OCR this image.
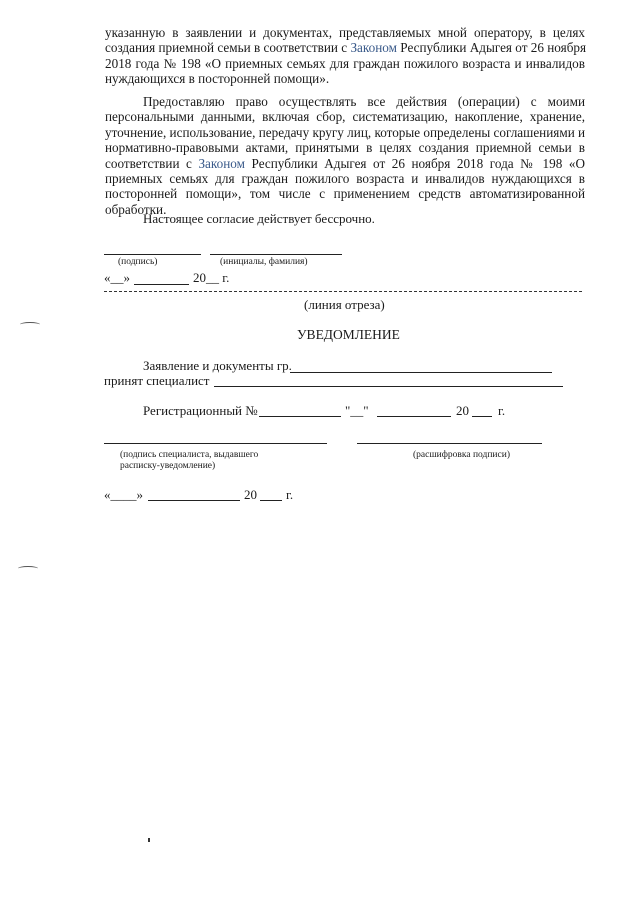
указанную в заявлении и документах, представляемых мной оператору, в целях
создания приемной семьи в соответствии с Законом Республики Адыгея от 26 ноября
2018 года № 198 «О приемных семьях для граждан пожилого возраста и инвалидов
нуждающихся в посторонней помощи».
Предоставляю право осуществлять все действия (операции) с моими
персональными данными, включая сбор, систематизацию, накопление, хранение,
уточнение, использование, передачу кругу лиц, которые определены соглашениями и
нормативно-правовыми актами, принятыми в целях создания приемной семьи в
соответствии с Законом Республики Адыгея от 26 ноября 2018 года № 198 «О
приемных семьях для граждан пожилого возраста и инвалидов нуждающихся в
посторонней помощи», том числе с применением средств автоматизированной
обработки.
Настоящее согласие действует бессрочно.
(подпись)	(инициалы, фамилия)
«__»	20__ г.
(линия отреза)
УВЕДОМЛЕНИЕ
Заявление и документы гр.
принят специалист
Регистрационный №	"__"	20 г.
(подпись специалиста, выдавшего
расписку-уведомление)
(расшифровка подписи)
«____»	20 г.
